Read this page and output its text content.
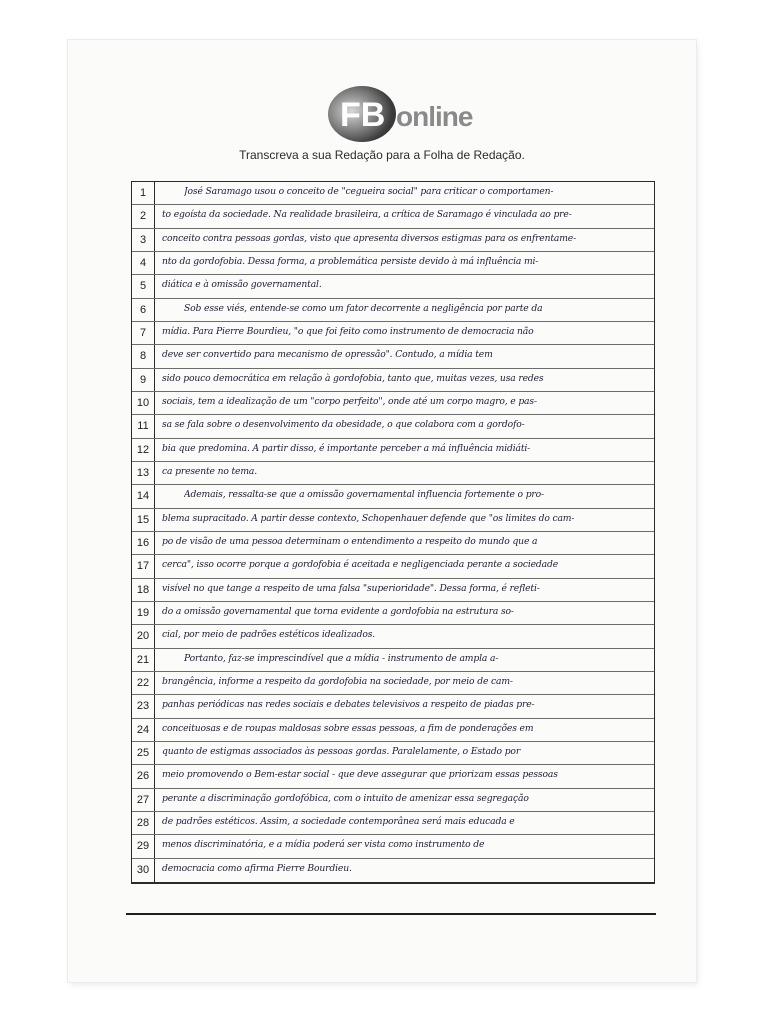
FB online
Transcreva a sua Redação para a Folha de Redação.
1	José Saramago usou o conceito de "cegueira social" para criticar o comportamen-
2	to egoísta da sociedade. Na realidade brasileira, a crítica de Saramago é vinculada ao pre-
3	conceito contra pessoas gordas, visto que apresenta diversos estigmas para os enfrentame-
4	nto da gordofobia. Dessa forma, a problemática persiste devido à má influência mi-
5	diática e à omissão governamental.
6	Sob esse viés, entende-se como um fator decorrente a negligência por parte da
7	mídia. Para Pierre Bourdieu, "o que foi feito como instrumento de democracia não
8	deve ser convertido para mecanismo de opressão". Contudo, a mídia tem
9	sido pouco democrática em relação à gordofobia, tanto que, muitas vezes, usa redes
10	sociais, tem a idealização de um "corpo perfeito", onde até um corpo magro, e pas-
11	sa se fala sobre o desenvolvimento da obesidade, o que colabora com a gordofo-
12	bia que predomina. A partir disso, é importante perceber a má influência midiáti-
13	ca presente no tema.
14	Ademais, ressalta-se que a omissão governamental influencia fortemente o pro-
15	blema supracitado. A partir desse contexto, Schopenhauer defende que "os limites do cam-
16	po de visão de uma pessoa determinam o entendimento a respeito do mundo que a
17	cerca", isso ocorre porque a gordofobia é aceitada e negligenciada perante a sociedade
18	visível no que tange a respeito de uma falsa "superioridade". Dessa forma, é refleti-
19	do a omissão governamental que torna evidente a gordofobia na estrutura so-
20	cial, por meio de padrões estéticos idealizados.
21	Portanto, faz-se imprescindível que a mídia - instrumento de ampla a-
22	brangência, informe a respeito da gordofobia na sociedade, por meio de cam-
23	panhas periódicas nas redes sociais e debates televisivos a respeito de piadas pre-
24	conceituosas e de roupas maldosas sobre essas pessoas, a fim de ponderações em
25	quanto de estigmas associados às pessoas gordas. Paralelamente, o Estado por
26	meio promovendo o Bem-estar social - que deve assegurar que priorizam essas pessoas
27	perante a discriminação gordofóbica, com o intuito de amenizar essa segregação
28	de padrões estéticos. Assim, a sociedade contemporânea será mais educada e
29	menos discriminatória, e a mídia poderá ser vista como instrumento de
30	democracia como afirma Pierre Bourdieu.
